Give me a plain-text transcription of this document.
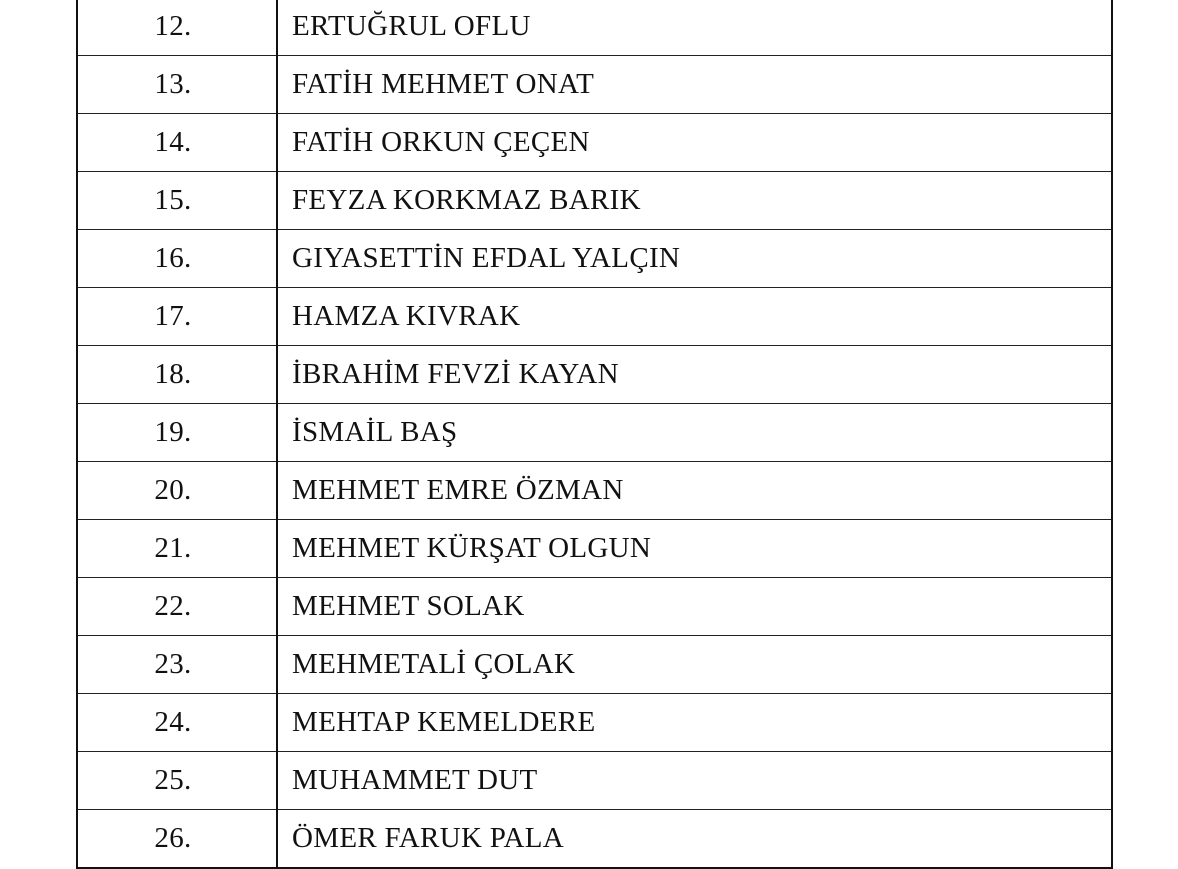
12.	ERTUĞRUL OFLU
13.	FATİH MEHMET ONAT
14.	FATİH ORKUN ÇEÇEN
15.	FEYZA KORKMAZ BARIK
16.	GIYASETTİN EFDAL YALÇIN
17.	HAMZA KIVRAK
18.	İBRAHİM FEVZİ KAYAN
19.	İSMAİL BAŞ
20.	MEHMET EMRE ÖZMAN
21.	MEHMET KÜRŞAT OLGUN
22.	MEHMET SOLAK
23.	MEHMETALİ ÇOLAK
24.	MEHTAP KEMELDERE
25.	MUHAMMET DUT
26.	ÖMER FARUK PALA
